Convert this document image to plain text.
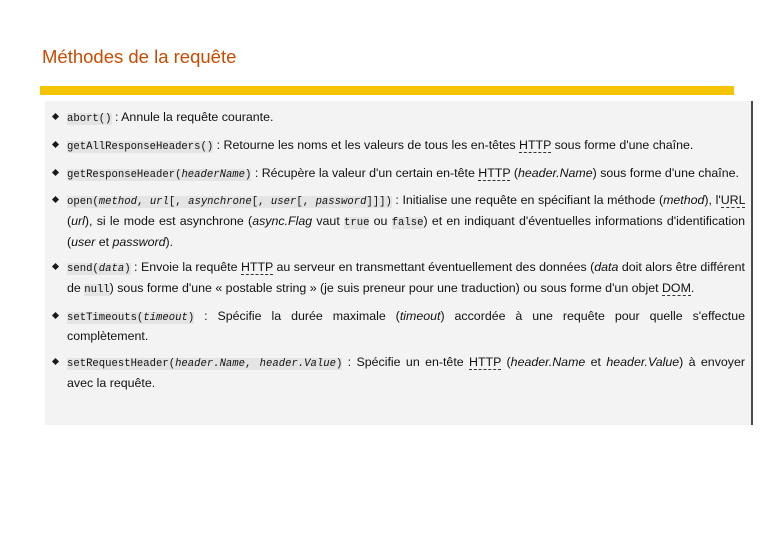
Méthodes de la requête
abort() : Annule la requête courante.
getAllResponseHeaders() : Retourne les noms et les valeurs de tous les en-têtes HTTP sous forme d'une chaîne.
getResponseHeader(headerName) : Récupère la valeur d'un certain en-tête HTTP (header.Name) sous forme d'une chaîne.
open(method, url[, asynchrone[, user[, password]]]) : Initialise une requête en spécifiant la méthode (method), l'URL (url), si le mode est asynchrone (async.Flag vaut true ou false) et en indiquant d'éventuelles informations d'identification (user et password).
send(data) : Envoie la requête HTTP au serveur en transmettant éventuellement des données (data doit alors être différent de null) sous forme d'une « postable string » (je suis preneur pour une traduction) ou sous forme d'un objet DOM.
setTimeouts(timeout) : Spécifie la durée maximale (timeout) accordée à une requête pour quelle s'effectue complètement.
setRequestHeader(header.Name, header.Value) : Spécifie un en-tête HTTP (header.Name et header.Value) à envoyer avec la requête.
